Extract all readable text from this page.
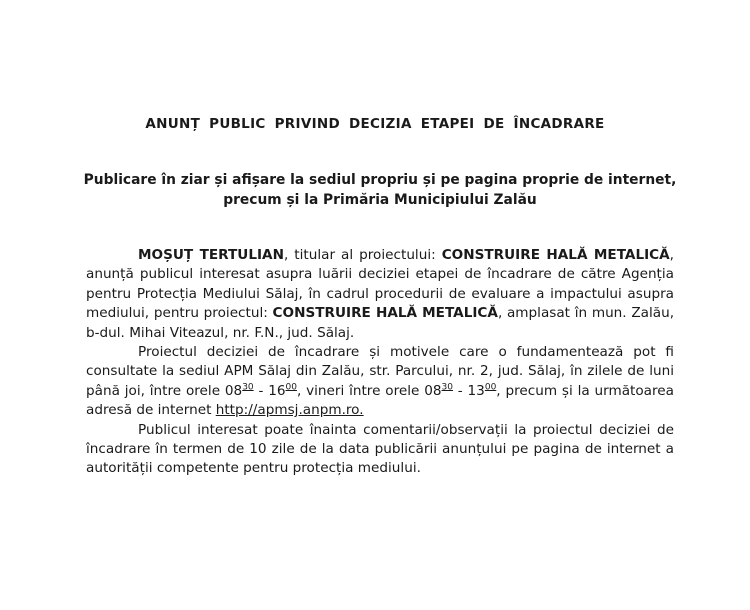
ANUNȚ PUBLIC PRIVIND DECIZIA ETAPEI DE ÎNCADRARE
Publicare în ziar și afișare la sediul propriu și pe pagina proprie de internet,
precum și la Primăria Municipiului Zalău

MOȘUȚ TERTULIAN, titular al proiectului: CONSTRUIRE HALĂ METALICĂ, anunță publicul interesat asupra luării deciziei etapei de încadrare de către Agenția pentru Protecția Mediului Sălaj, în cadrul procedurii de evaluare a impactului asupra mediului, pentru proiectul: CONSTRUIRE HALĂ METALICĂ, amplasat în mun. Zalău, b-dul. Mihai Viteazul, nr. F.N., jud. Sălaj.

Proiectul deciziei de încadrare și motivele care o fundamentează pot fi consultate la sediul APM Sălaj din Zalău, str. Parcului, nr. 2, jud. Sălaj, în zilele de luni până joi, între orele $08^{30} - 16^{00}$, vineri între orele $08^{30} - 13^{00}$, precum și la următoarea adresă de internet http://apmsj.anpm.ro.

Publicul interesat poate înainta comentarii/observații la proiectul deciziei de încadrare în termen de 10 zile de la data publicării anunțului pe pagina de internet a autorității competente pentru protecția mediului.
